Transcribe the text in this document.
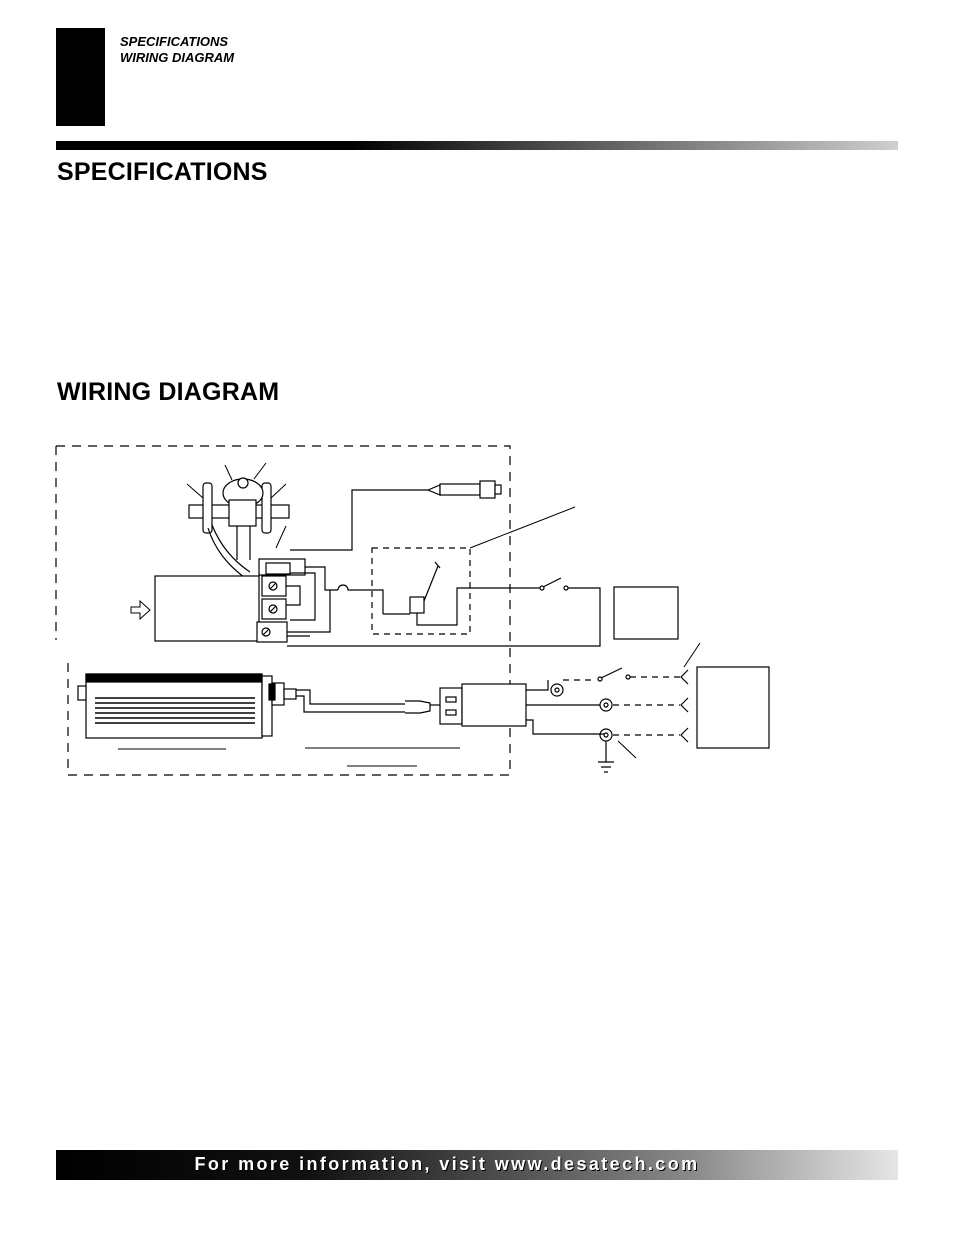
SPECIFICATIONS
WIRING DIAGRAM
SPECIFICATIONS
WIRING DIAGRAM
For more information, visit www.desatech.com
